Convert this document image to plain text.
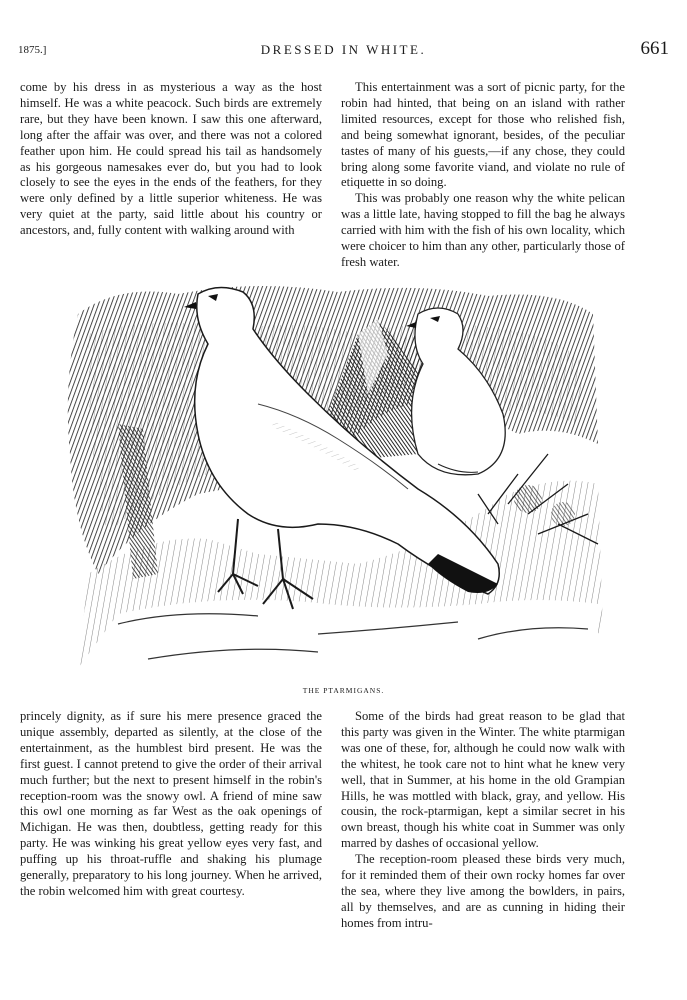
1875.]	DRESSED IN WHITE.	661

come by his dress in as mysterious a way as the host himself. He was a white peacock. Such birds are extremely rare, but they have been known. I saw this one afterward, long after the affair was over, and there was not a colored feather upon him. He could spread his tail as handsomely as his gorgeous namesakes ever do, but you had to look closely to see the eyes in the ends of the feathers, for they were only defined by a little superior whiteness. He was very quiet at the party, said little about his country or ancestors, and, fully content with walking around with

This entertainment was a sort of picnic party, for the robin had hinted, that being on an island with rather limited resources, except for those who relished fish, and being somewhat ignorant, besides, of the peculiar tastes of many of his guests,—if any chose, they could bring along some favorite viand, and violate no rule of etiquette in so doing.

This was probably one reason why the white pelican was a little late, having stopped to fill the bag he always carried with him with the fish of his own locality, which were choicer to him than any other, particularly those of fresh water.

THE PTARMIGANS.

princely dignity, as if sure his mere presence graced the unique assembly, departed as silently, at the close of the entertainment, as the humblest bird present. He was the first guest. I cannot pretend to give the order of their arrival much further; but the next to present himself in the robin's reception-room was the snowy owl. A friend of mine saw this owl one morning as far West as the oak openings of Michigan. He was then, doubtless, getting ready for this party. He was winking his great yellow eyes very fast, and puffing up his throat-ruffle and shaking his plumage generally, preparatory to his long journey. When he arrived, the robin welcomed him with great courtesy.

Some of the birds had great reason to be glad that this party was given in the Winter. The white ptarmigan was one of these, for, although he could now walk with the whitest, he took care not to hint what he knew very well, that in Summer, at his home in the old Grampian Hills, he was mottled with black, gray, and yellow. His cousin, the rock-ptarmigan, kept a similar secret in his own breast, though his white coat in Summer was only marred by dashes of occasional yellow.

The reception-room pleased these birds very much, for it reminded them of their own rocky homes far over the sea, where they live among the bowlders, in pairs, all by themselves, and are as cunning in hiding their homes from intru-
